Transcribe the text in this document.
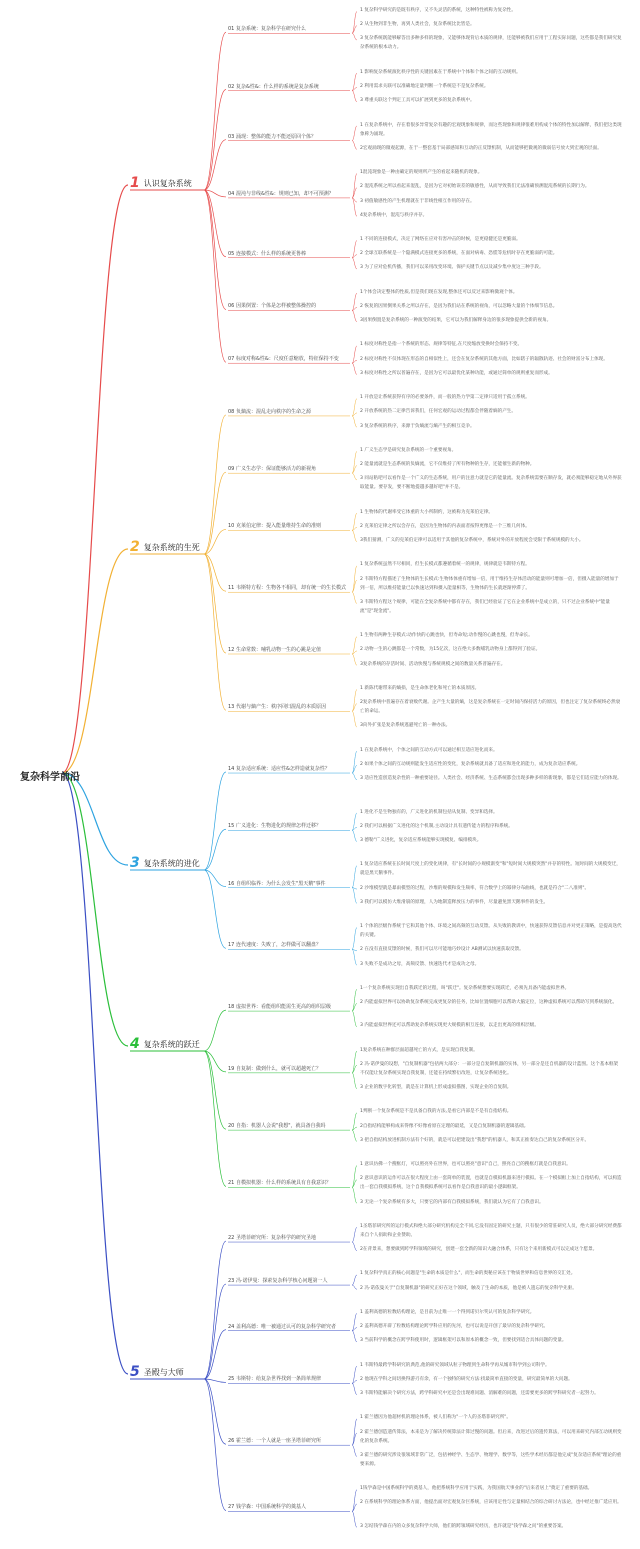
复杂科学前沿
1 认识复杂系统
1 复杂科学研究的是既有秩序，又不失灵活的系统，这种特性被称为复杂性。
2 从生物到非生物，再到人类社会，复杂系统比比皆是。
3 复杂系统既能够解答出多种多样的现象，又能够体现背后本质的规律，还能够被我们应用于工程实际问题，这些都是我们研究复杂系统的根本动力。
01 复杂系统：复杂科学在研究什么
1 影响复杂系统演化秩序性的关键因素在于系统中个体和个体之间的互动规则。
2 利用需求关联可以准确地定量判断一个系统是不是复杂系统。
3 尊重关联这个判定工具可以扩展到更多的复杂系统中。
02 复杂&性&：什么样的系统是复杂系统
1 在复杂系统中，存在着很多异常复杂有趣的宏观现象和规律，而这些现象和规律很难用构成个体的特性加以解释，我们把这类现象称为涌现。
2宏观涌现的微观起源，在于一整套基于局部感知和互动的正反馈机制，从而能够把微观的微弱信号放大到宏观的层面。
03 涌现：整体的能力不能还原回个体？
1混沌现象是一种由确定的规则所产生的看起来随机的现象。
2 混沌系统之所以看起来混乱，是因为它对初始误差的敏感性，从而导致我们无法准确预测混沌系统的长期行为。
3 初值敏感性的产生机理就在于非线性相互作用的存在。
4复杂系统中，混沌与秩序并存。
04 混沌与非线&性&：规则已知，却不可预测？
1 不同的连接模式，决定了网络在应对有害冲击的时候，是更稳健还是更脆弱。
2 全球互联系统是一个隐满模式连接更多的系统，在面对病毒、恐慌等危机时存在更脆弱的可能。
3 为了应对危机传播，我们可以采用改变环境、保护关键节点以及减少集中度这三种手段。
05 连接模式：什么样的系统更鲁棒
1个体会决定整体的性质,但是我们现在发现,整体还可以反过来影响微观个体。
2 恢复的因果倒果关系之所以存在，是因为我们站在系统的视角，可以忽略大量的个体细节信息。
3因果倒置是复杂系统的一种演变的结果，它可以为我们解释身边的很多现象提供全新的视角。
06 因果倒置：个体是怎样被整体操控的
1 标度对称性是指一个系统的形态、规律等特征,在尺度缩放变换时会保持不变。
2 标度对称性不仅体现在形态的自相似性上，还会在复杂系统的其他方面，比如辖子的辐散轨迹、社会的财富分布上体现。
3 标度对称性之所以普遍存在，是因为它可以最优化某种功能，或通过简单的规则重复而形成。
07 标度对称&性&：尺度任意缩放，特征保持不变
2 复杂系统的生死
1 开放是让系统获得有序的必要条件，而一般的热力学第二定律只适用于孤立系统。
2 开放系统的热二定律告诉我们，任何宏观的运动过程都会伴随着熵的产生。
3 复杂系统的秩序，来源于负熵流与熵产生的相互竞争。
08 负熵流：混乱走向秩序的生命之源
1 广义生态学是研究复杂系统的一个重要视角。
2 能量流就是生态系统的负熵流，它不仅维持了所有物种的生存，还能催生新的物种。
3 同站粘吧可以看作是一个广义的生态系统，用户的注意力就是它的能量流。复杂系统需要在顺存发，就必须能够稳定地从外界获取能量。要存发，要不断地提越多越好吧"并不是。
09 广义生态学：保证能够活力的新视角
1 生物体的代谢率受它体重的大小所制约，这被称为克莱伯定律。
2 克莱伯定律之所以会存在，是因为生物体的内表面者按得更像是一个三维几何体。
3我们猜测，广义的克莱伯定律可以适用于其他的复杂系统中，系统对外的开放程度会受限于系统规模的大小。
10 克莱伯定律：提入能量维持生命的准则
1 复杂系统虽然不尽相同，但生长模式都遵循着统一的规律，规律就是韦斯特方程。
2 韦斯特方程描述了生物体的生长模式:生物体体重有增加一倍，用于维持生存体活动的能量则可增加一倍，但摄入能量的增加于到一倍，所以维持能量已以快速达到和摄入能量相等，生物体的生长就逐渐停滞了。
3 韦斯特方程这个规律，可能在全复杂系统中都有存在，我们已经验证了它在企业系统中是成立的，只不过企业系统中"能量流"是"现金流"。
11 韦斯特方程：生物各不相同，却有统一的生长模式
1 生物有两种生存模式:动作快的心跳也快，但寿命短;动作慢的心跳也慢，但寿命长。
2 动物一生的心跳都是一个常数，为15亿次，这在绝大多数哺乳动物身上都得到了验证。
3复杂系统的存活时间、活动快慢与系统规模之间的数量关系普遍存在。
12 生命常数：哺乳动物一生的心跳是定值
1 新陈代谢带来的熵损，是生命体老化和死亡的本质原因。
2复杂系统中普遍存在着衰败代谢。企产生大量的熵，这是复杂系统在一定时间内保持活力的原因，但也注定了复杂系统终必然衰亡的命运。
3向外扩张是复杂系统逃避死亡的一种办法。
13 代谢与熵产生：秩序回归混乱的本质原因
3 复杂系统的进化
1 在复杂系统中，个体之间的互动方式可以通过相互适应进化而来。
2 如果个体之间的互动规则能发生适应性的变化，复杂系统就具备了适应和进化的能力，成为复杂适应系统。
3 适应性造创造复杂性的一种重要途径。人类社会、经济系统、生态系统都会出现多种多样的新现象，都是它们适应能力的体现。
14 复杂适应系统：适应性&怎样造就复杂性？
1 进化不是生物独有的，广义进化的机制包括从复制、变异和选择。
2 我们可以根据广义进化的这个机制,主动设计具有遗传能力的程序和系统。
3 德勒"广义进化，复杂适应系统能够实现模复、编排模块。
15 广义进化：生物进化的规律怎样迁移？
1 复杂适应系统在长时间尺度上的变化规律，有"长时间的小规模渐变"和"短时间大规模突然"并存的特性。短时间的大规模变迁，就是黑天鹅事件。
2 沙堆模型就是暴雨模型的过程，沙堆的规模和发生频率，符合数学上的幂律分布曲线，也就是符合"二八准则"。
3 我们可以模仿大堆滑崩的原理，人为地制造释放压力的事件，尽量避免黑天鹅事件的发生。
16 自组织临界：为什么会发生"黑天鹅"事件
1 个体的层级作系统于它和其他个体、环境之间高频的互动反馈。从失败的教训中，快速获得反馈信息并对更正策略，是提高迭代的关键。
2 在没有直接反馈的时候，我们可以尽可能地巧妙设计 AB测试以快速获取反馈。
3 失败不是成功之母，高频反馈、快速迭代才是成功之母。
17 连代速度：失败了，怎样做可以翻盘？
4 复杂系统的跃迁
1一个复杂系统实现出自我跃迁的过程，叫"跃迁"。复杂系统想要实现跃迁，必须先具备内能虚拟世界。
2 内能虚拟世界可以协助复杂系统完成更复杂的任务，比如位置细胞可以帮助大脑定位，这种虚拟系统可以帮助写到系统演化。
3 内能虚拟世界还可以帮助复杂系统实现更大规模的相互连接，以走出更高的组织层级。
18 虚拟世界：看能组织能需生更高的组织层级
1复杂系统在种群层面超越死亡的方式，是实现自我复制。
2 冯·诺伊曼的设想，"自复制机器"包括两大部分：一部分是自复制机器的实体，另一部分是还自机器的设计蓝图。这个基本框架不仅能让复杂系统实现自我复制，还能在持续繁衍改进，让复杂系统进化。
3 企业的数字化转型，就是在计算机上形成虚拟描图，实现企业的自复制。
19 自复制：做到什么，就可以超越死亡？
1判断一个复杂系统是不是具备自我的方法,是看它内部是不是有自指结构。
2自指结构能够构成来得像不好像看原在定理的最延，又是自复制机器的逻辑基础。
3 把自指结构放进机制方法有个好的，就是可以把建设出"我想"的机器人，和其正推奏达自己的复杂系统区分开。
20 自指：机器人会说"我想"，就具备自我吗
1 意识仿佛一个搜框灯，可以照亮外在世界，也可以照亮"意识"自己，照亮自己的搜框灯就是自我意识。
2 意识意识的运作可以在很大程度上由一套简单的装置，也就是自模拟机器来进行模拟。在一个模拟框上加上自指结构，可以构造出一套自我模拟系统，这个自我模拟系统可以看作是自我意识的最小逻辑框架。
3 无论一个复杂系统有多大，只要它的内部有自我模拟系统，我们就认为它有了自我意识。
21 自模拟机器：什么样的系统具有自我意识？
5 圣殿与大师
1圣塔菲研究所的运行模式和绝大部分研究机构完全不同,它没有固定的研究主题，只有很少的常驻研究人员，绝大部分研究经费都来自个人捐助和企业赞助。
2在背景来，想要做到跨学科领域的研究，创建一套全新的知识大融合体系，只有这个来用新模式可以完成这个愿景。
22 圣塔菲研究所：复杂科学的研究圣地
1 复杂科学真正的核心问题是"生命的本质是什么"，而生命的奥秘应该在于物质世界和信息世界的交汇处。
2 冯·诺依曼关于"自复制机器"的研究正好在这个领域，触及了生命的本质，他是被人遗忘的复杂科学先驱。
23 冯·诺伊曼：探索复杂科学核心问题第一人
1 盖利高德的粒数结构理论，是目前为止唯一一个得到诺贝尔奖认可的复杂科学研究。
2 盖利高德开辟了粒数结构理论跨学科应用的先河，也可以说是开创了最早的复杂科学研究。
3 当前科学的概念在跨学科使用时，逻辑框架可以和原本的概念一致，但要找到适合具体问题的变量。
24 盖利高德：唯一被通过认可的复杂科学研究者
1 韦斯特最跨学科研究的典范,他的研究领域从粒子物理到生命科学再从城市科学到公司科学。
2 他现在学科之间切换得游刃有余，有一个独特的研究方法:找最简单直接的变量，研究最简单的大问题。
3 韦斯特能解决个研究方法，跨学科研究中还是会出现难问题、消解难的问题，还需要更多的跨学科研究者一起努力。
25 韦斯特：给复杂世界找到一条简单规律
1 霍兰德因为他超材机的理论体系，被人们称为"一个人的圣塔菲研究所"。
2 霍兰德创造遗传算法，本来是为了解决传统算法计算过慢的问题。但后来，改进过后的遗传算法，可以用来研究内部互动规则变化的复杂系统。
3 霍兰德的研究涉及很领域非常广泛，包括神经学、生态学、物理学、数学等，这些学术经历都是他完成"复杂适应系统"理论的重要来源。
26 霍兰德：一个人就是一座圣塔菲研究所
1钱学森是中国系统科学的奠基人，他把系统科学应用于实践，为我国航天事业的"后来者居上"奠定了重要的基础。
2 在系统科学的理论体系方面，他提出面对宏观复杂巨系统，应该用定性与定量相结合的综合研讨方法论，也中经过推广延应用。
3 怎结钱学森在内的众多复杂科学大师，他们的跨领域研究经历，也许就是"钱学森之问"的重要答案。
27 钱学森：中国系统科学的奠基人
